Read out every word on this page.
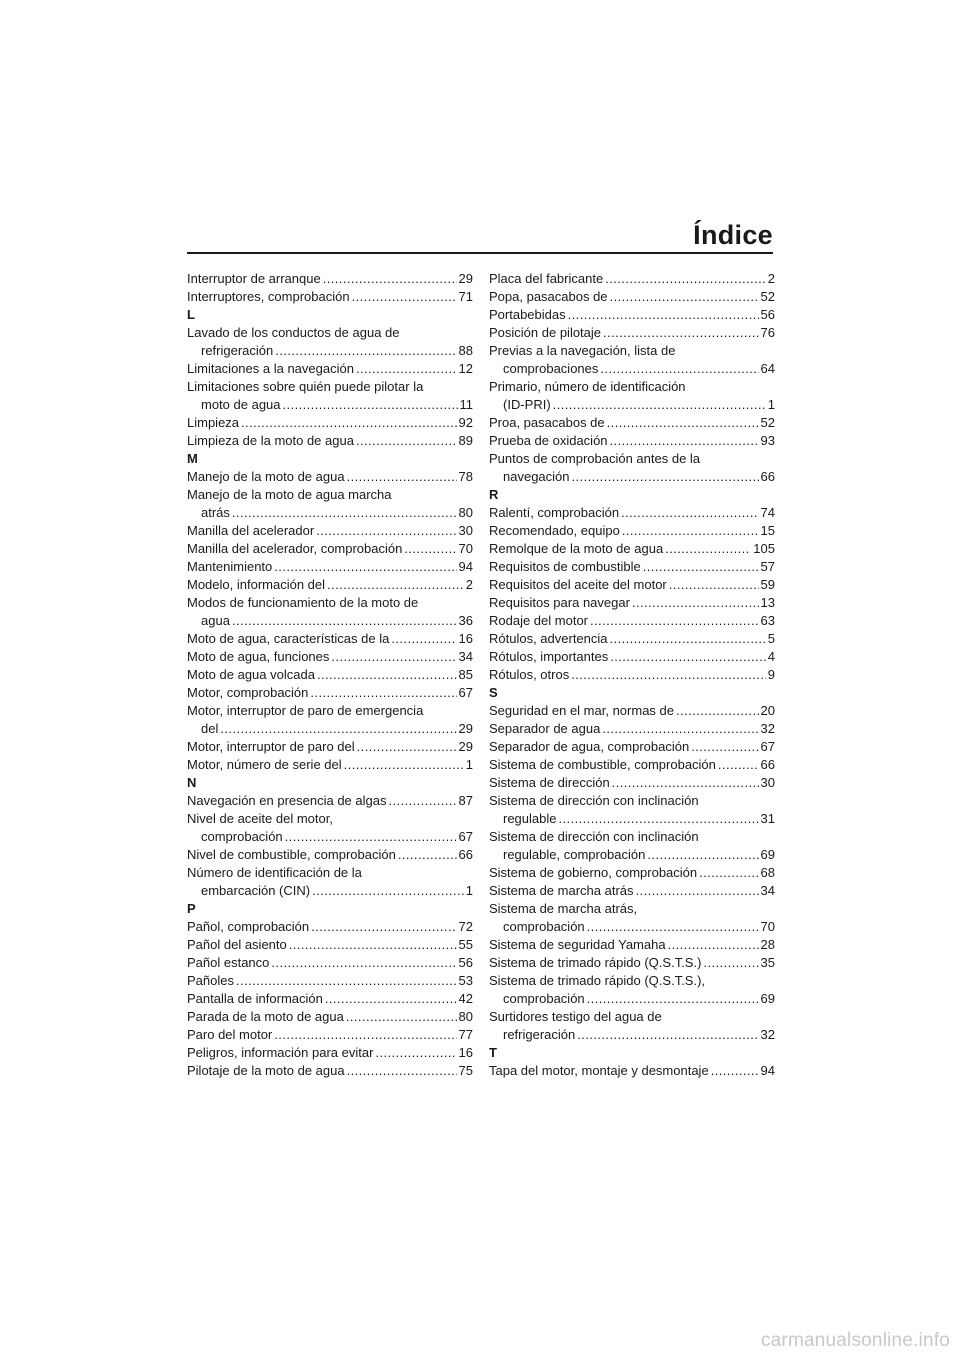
Índice
Interruptor de arranque . . .	29
Interruptores, comprobación . . .	71
L
Lavado de los conductos de agua de
refrigeración . . .	88
Limitaciones a la navegación . . .	12
Limitaciones sobre quién puede pilotar la
moto de agua . . .	11
Limpieza . . .	92
Limpieza de la moto de agua . . .	89
M
Manejo de la moto de agua . . .	78
Manejo de la moto de agua marcha
atrás . . .	80
Manilla del acelerador . . .	30
Manilla del acelerador, comprobación . . .	70
Mantenimiento . . .	94
Modelo, información del . . .	2
Modos de funcionamiento de la moto de
agua . . .	36
Moto de agua, características de la . . .	16
Moto de agua, funciones . . .	34
Moto de agua volcada . . .	85
Motor, comprobación . . .	67
Motor, interruptor de paro de emergencia
del . . .	29
Motor, interruptor de paro del . . .	29
Motor, número de serie del . . .	1
N
Navegación en presencia de algas . . .	87
Nivel de aceite del motor,
comprobación . . .	67
Nivel de combustible, comprobación . . .	66
Número de identificación de la
embarcación (CIN) . . .	1
P
Pañol, comprobación . . .	72
Pañol del asiento . . .	55
Pañol estanco . . .	56
Pañoles . . .	53
Pantalla de información . . .	42
Parada de la moto de agua . . .	80
Paro del motor . . .	77
Peligros, información para evitar . . .	16
Pilotaje de la moto de agua . . .	75
Placa del fabricante . . .	2
Popa, pasacabos de . . .	52
Portabebidas . . .	56
Posición de pilotaje . . .	76
Previas a la navegación, lista de
comprobaciones . . .	64
Primario, número de identificación
(ID-PRI) . . .	1
Proa, pasacabos de . . .	52
Prueba de oxidación . . .	93
Puntos de comprobación antes de la
navegación . . .	66
R
Ralentí, comprobación . . .	74
Recomendado, equipo . . .	15
Remolque de la moto de agua . . .	105
Requisitos de combustible . . .	57
Requisitos del aceite del motor . . .	59
Requisitos para navegar . . .	13
Rodaje del motor . . .	63
Rótulos, advertencia . . .	5
Rótulos, importantes . . .	4
Rótulos, otros . . .	9
S
Seguridad en el mar, normas de . . .	20
Separador de agua . . .	32
Separador de agua, comprobación . . .	67
Sistema de combustible, comprobación . . .	66
Sistema de dirección . . .	30
Sistema de dirección con inclinación
regulable . . .	31
Sistema de dirección con inclinación
regulable, comprobación . . .	69
Sistema de gobierno, comprobación . . .	68
Sistema de marcha atrás . . .	34
Sistema de marcha atrás,
comprobación . . .	70
Sistema de seguridad Yamaha . . .	28
Sistema de trimado rápido (Q.S.T.S.) . . .	35
Sistema de trimado rápido (Q.S.T.S.),
comprobación . . .	69
Surtidores testigo del agua de
refrigeración . . .	32
T
Tapa del motor, montaje y desmontaje . . .	94
carmanualsonline.info
